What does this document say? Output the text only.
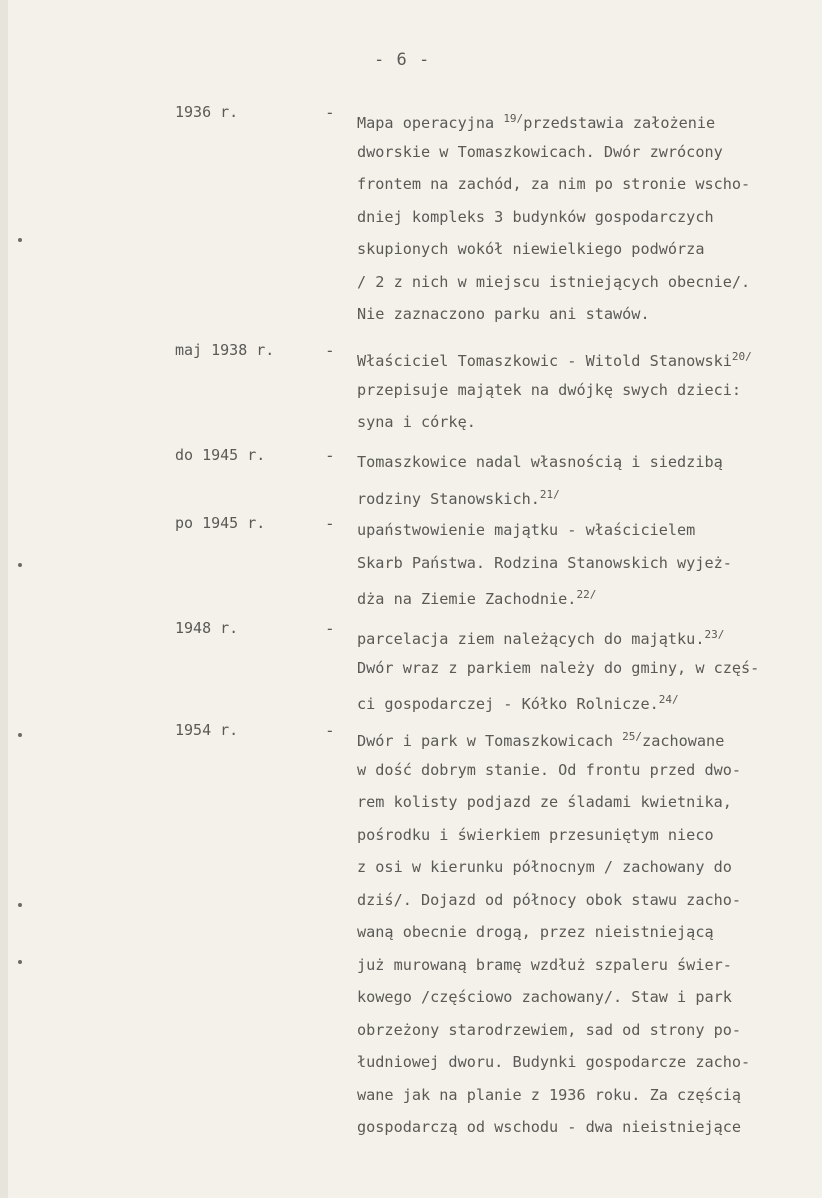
- 6 -
1936 r.	-
Mapa operacyjna $^{19/}$przedstawia założenie
dworskie w Tomaszkowicach. Dwór zwrócony
frontem na zachód, za nim po stronie wscho-
dniej kompleks 3 budynków gospodarczych
skupionych wokół niewielkiego podwórza
/ 2 z nich w miejscu istniejących obecnie/.
Nie zaznaczono parku ani stawów.
maj 1938 r.	-
Właściciel Tomaszkowic - Witold Stanowski$^{20/}$
przepisuje majątek na dwójkę swych dzieci:
syna i córkę.
do 1945 r.	- Tomaszkowice nadal własnością i siedzibą
rodziny Stanowskich.$^{21/}$
po 1945 r.	- upaństwowienie majątku - właścicielem
Skarb Państwa. Rodzina Stanowskich wyjeż-
dża na Ziemie Zachodnie.$^{22/}$
1948 r.	-
parcelacja ziem należących do majątku.$^{23/}$
Dwór wraz z parkiem należy do gminy, w częś-
ci gospodarczej - Kółko Rolnicze.$^{24/}$
1954 r.	-
Dwór i park w Tomaszkowicach $^{25/}$zachowane
w dość dobrym stanie. Od frontu przed dwo-
rem kolisty podjazd ze śladami kwietnika,
pośrodku i świerkiem przesuniętym nieco
z osi w kierunku północnym / zachowany do
dziś/. Dojazd od północy obok stawu zacho-
waną obecnie drogą, przez nieistniejącą
już murowaną bramę wzdłuż szpaleru świer-
kowego /częściowo zachowany/. Staw i park
obrzeżony starodrzewiem, sad od strony po-
łudniowej dworu. Budynki gospodarcze zacho-
wane jak na planie z 1936 roku. Za częścią
gospodarczą od wschodu - dwa nieistniejące
